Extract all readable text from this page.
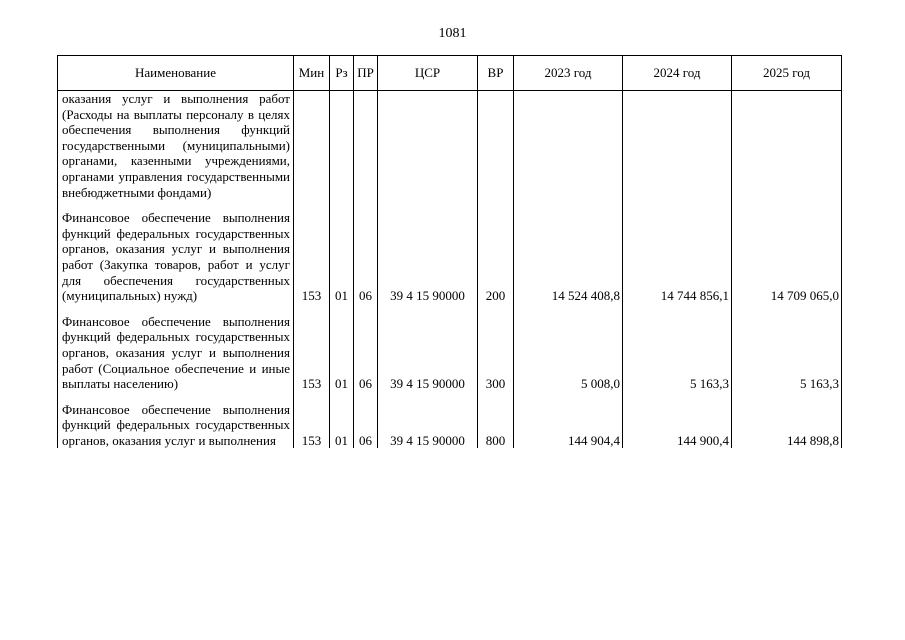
1081
Наименование	Мин	Рз	ПР	ЦСР	ВР	2023 год	2024 год	2025 год
оказания услуг и выполнения работ (Расходы на выплаты персоналу в целях обеспечения выполнения функций государственными (муниципальными) органами, казенными учреждениями, органами управления государственными внебюджетными фондами)								

Финансовое обеспечение выполнения функций федеральных государственных органов, оказания услуг и выполнения работ (Закупка товаров, работ и услуг для обеспечения государственных (муниципальных) нужд)	153	01	06	39 4 15 90000	200	14 524 408,8	14 744 856,1	14 709 065,0

Финансовое обеспечение выполнения функций федеральных государственных органов, оказания услуг и выполнения работ (Социальное обеспечение и иные выплаты населению)	153	01	06	39 4 15 90000	300	5 008,0	5 163,3	5 163,3

Финансовое обеспечение выполнения функций федеральных государственных органов, оказания услуг и выполнения	153	01	06	39 4 15 90000	800	144 904,4	144 900,4	144 898,8
